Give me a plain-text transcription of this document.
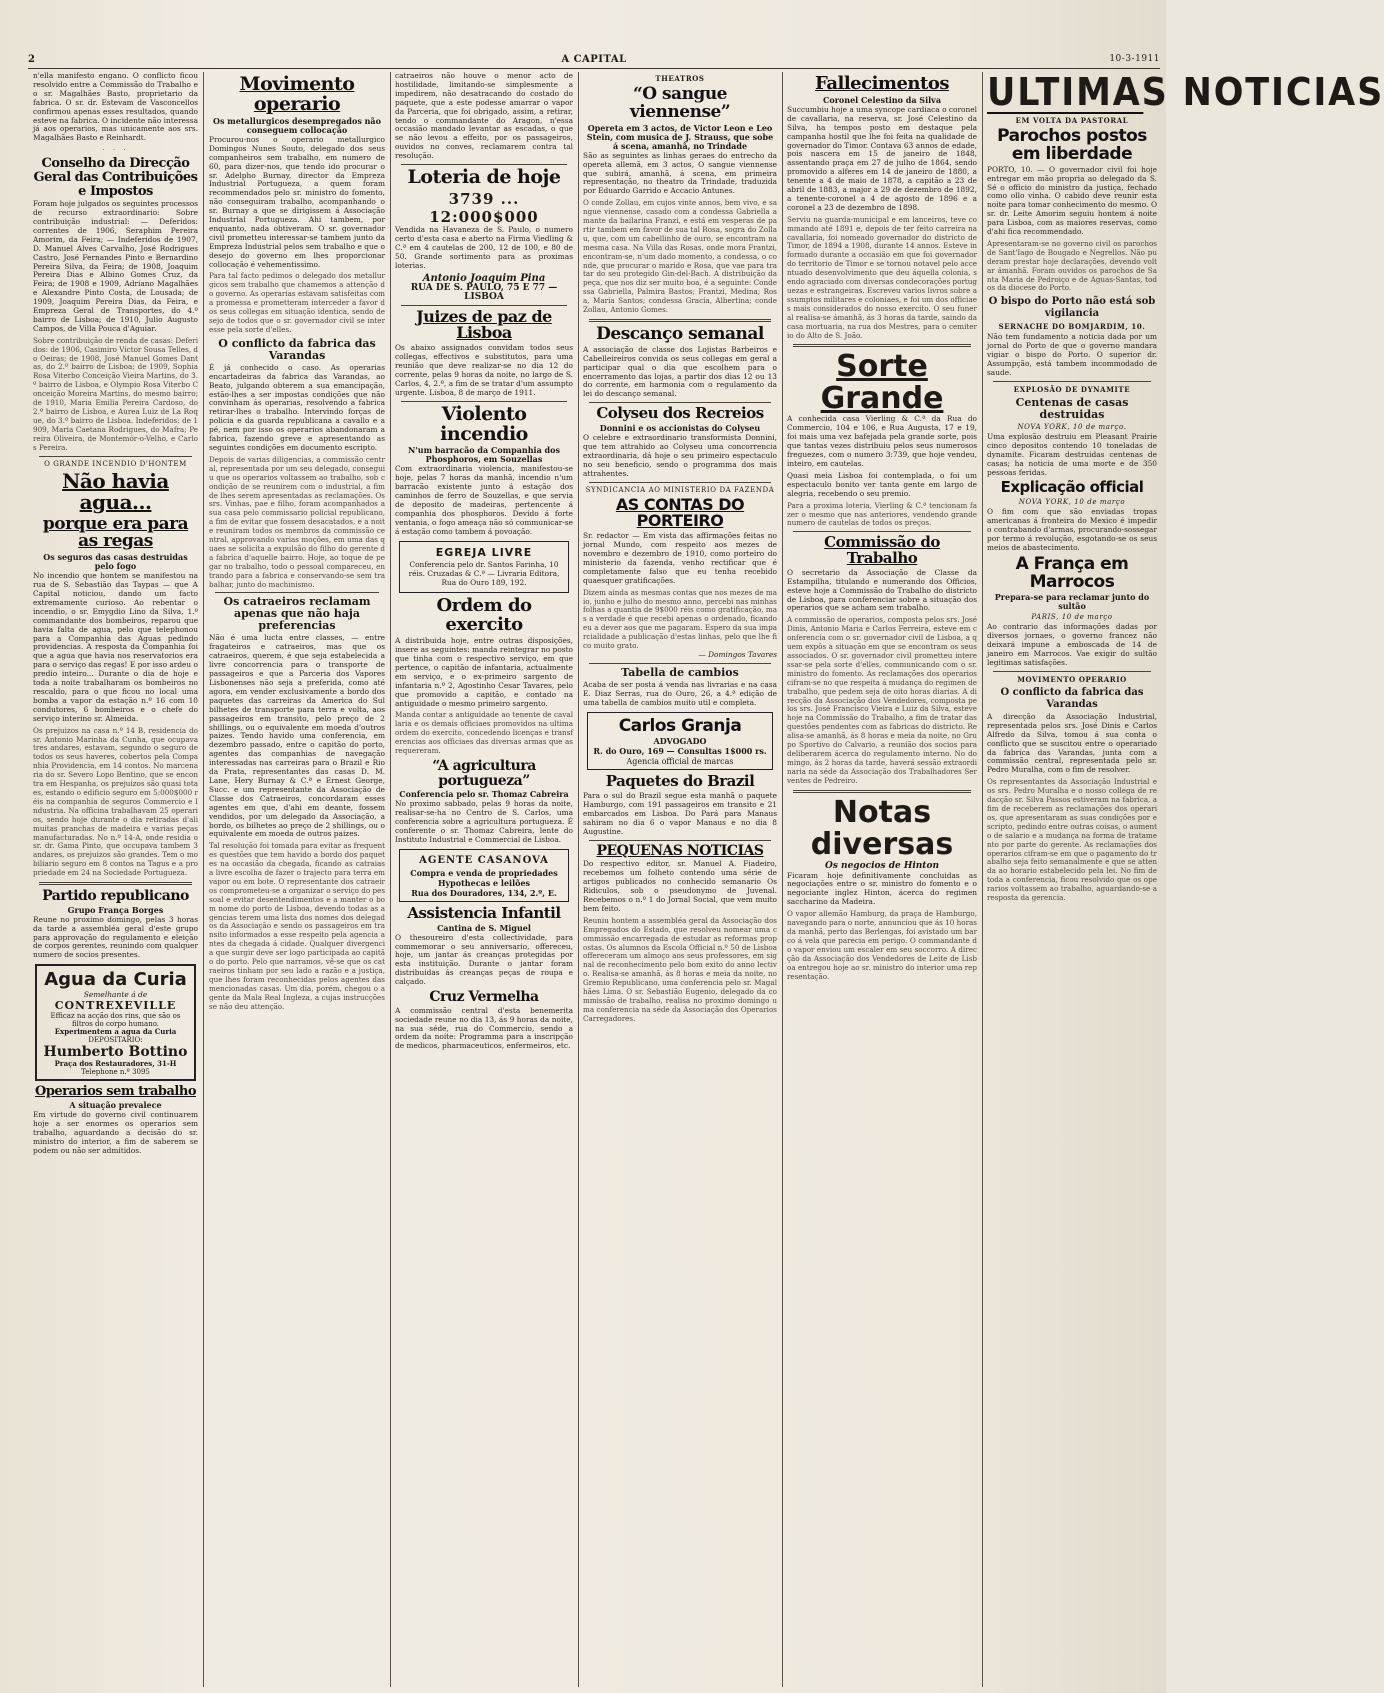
2	A CAPITAL	10-3-1911

n'ella manifesto engano. O conflicto ficou resolvido entre a Commissão do Trabalho e o sr. Magalhães Basto, proprietario da fabrica. O sr. dr. Estevam de Vasconcellos confirmou apenas esses resultados, quando esteve na fabrica. O incidente não interessa já aos operarios, mas unicamente aos srs. Magalhães Basto e Reinhardt.

· · ·
Conselho da Direcção Geral das Contribuições e Impostos

Foram hoje julgados os seguintes processos de recurso extraordinario: Sobre contribuição industrial: — Deferidos: correntes de 1906, Seraphim Pereira Amorim, da Feira; — Indeferidos de 1907, D. Manuel Alves Carvalho, José Rodrigues Castro, José Fernandes Pinto e Bernardino Pereira Silva, da Feira; de 1908, Joaquim Pereira Dias e Albino Gomes Cruz, da Feira; de 1908 e 1909, Adriano Magalhães e Alexandre Pinto Costa, de Lousada; de 1909, Joaquim Pereira Dias, da Feira, e Empreza Geral de Transportes, do 4.º bairro de Lisboa; de 1910, Julio Augusto Campos, de Villa Pouca d'Aguiar.

Sobre contribuição de renda de casas: Deferidos: de 1906, Casimiro Victor Sousa Telles, do Oeiras; de 1908, José Manuel Gomes Dantas, do 2.º bairro de Lisboa; de 1909, Sophia Rosa Viterbo Conceição Vieira Martins, do 3.º bairro de Lisboa, e Olympio Rosa Viterbo Conceição Moreira Martins, do mesmo bairro; de 1910, Maria Emilia Pereira Cardoso, do 2.º bairro de Lisboa, e Aurea Luiz de La Roque, do 3.º bairro de Lisboa. Indeferidos: de 1909, Maria Caetana Rodrigues, do Mafra; Pereira Oliveira, de Montemór-o-Velho, e Carlos Pereira.
O GRANDE INCENDIO D'HONTEM
Não havia agua...
porque era para as regas
Os seguros das casas destruidas pelo fogo

No incendio que hontem se manifestou na rua de S. Sebastião das Taypas — que A Capital noticiou, dando um facto extremamente curioso. Ao rebentar o incendio, o sr. Emygdio Lino da Silva, 1.º commandante dos bombeiros, reparou que havia falta de agua, pelo que telephonou para a Companhia das Aguas pedindo providencias. A resposta da Companhia foi que a agua que havia nos reservatorios era para o serviço das regas! E por isso ardeu o predio inteiro... Durante o dia de hoje e toda a noite trabalharam os bombeiros no rescaldo, para o que ficou no local uma bomba a vapor da estação n.º 16 com 10 condutores, 6 bombeiros e o chefe do serviço interino sr. Almeida.

Os prejuizos na casa n.º 14 B, residencia do sr. Antonio Marinha da Cunha, que ocupava tres andares, estavam, segundo o seguro de todos os seus haveres, cobertos pela Companhia Providencia, em 14 contos. No marcenaria do sr. Severo Lopo Bentino, que se encontra em Hespanha, os prejuizos são quasi totaes, estando o edificio seguro em 5:000$000 réis na companhia de seguros Commercio e Industria. Na officina trabalhavam 25 operarios, sendo hoje durante o dia retiradas d'ali muitas pranchas de madeira e varias peças manufacturadas. No n.º 14-A, onde residia o sr. dr. Gama Pinto, que occupava tambem 3 andares, os prejuizos são grandes. Tem o mobiliario seguro em 8 contos na Tagus e a propriedade em 24 na Sociedade Portugueza.
Partido republicano
Grupo França Borges

Reune no proximo domingo, pelas 3 horas da tarde a assembléa geral d'este grupo para approvação do regulamento e eleição de corpos gerentes, reunindo com qualquer numero de socios presentes.

Agua da Curia
Semelhante á de
CONTREXEVILLE
Efficaz na acção dos rins, que são os filtros do corpo humano.
Experimentem a agua da Curia
DEPOSITARIO:
Humberto Bottino
Praça dos Restauradores, 31-H
Telephone n.º 3095
Operarios sem trabalho
A situação prevalece

Em virtude do governo civil continuarem hoje a ser enormes os operarios sem trabalho, aguardando a decisão do sr. ministro do interior, a fim de saberem se podem ou não ser admitidos.

Movimento operario
Os metallurgicos desempregados não conseguem collocação

Procurou-nos o operario metallurgico Domingos Nunes Souto, delegado dos seus companheiros sem trabalho, em numero de 60, para dizer-nos, que tendo ido procurar o sr. Adelpho Burnay, director da Empreza Industrial Portugueza, a quem foram recommendados pelo sr. ministro do fomento, não conseguiram trabalho, acompanhando o sr. Burnay a que se dirigissem á Associação Industrial Portugueza. Ahi tambem, por enquanto, nada obtiveram. O sr. governador civil prometteu interessar-se tambem junto da Empreza Industrial pelos sem trabalho e que o desejo do governo em lhes proporcionar collocação é vehementissimo.

Para tal facto pedimos o delegado dos metallurgicos sem trabalho que chamemos a attenção do governo. As operarias estavam satisfeitas com a promessa e prometteram interceder a favor dos seus collegas em situação identica, sendo desejo de todos que o sr. governador civil se interesse pela sorte d'elles.
O conflicto da fabrica das Varandas

É já conhecido o caso. As operarias encartadeiras da fabrica das Varandas, ao Beato, julgando obterem a sua emancipação, estão-lhes a ser impostas condições que não convinham ás operarias, resolvendo a fabrica retirar-lhes o trabalho. Intervindo forças de policia e da guarda republicana a cavallo e a pé, nem por isso os operarios abandonaram a fabrica, fazendo greve e apresentando as seguintes condições em documento escripto.

Depois de varias diligencias, a commissão central, representada por um seu delegado, conseguiu que os operarios voltassem ao trabalho, sob condição de se reunirem com o industrial, a fim de lhes serem apresentadas as reclamações. Os srs. Vinhas, pae e filho, foram acompanhados a sua casa pelo commissario policial republicano, a fim de evitar que fossem desacatados, e a noite reuniram todos os membros da commissão central, approvando varias moções, em uma das quaes se solicita a expulsão do filho do gerente da fabrica d'aquelle bairro. Hoje, ao toque de pegar no trabalho, todo o pessoal compareceu, entrando para a fabrica e conservando-se sem trabalhar, junto do machinismo.
Os catraeiros reclamam apenas que não haja preferencias

Não é uma lucta entre classes, — entre fragateiros e catraeiros, mas que os catraeiros, querem, é que seja estabelecida a livre concorrencia para o transporte de passageiros e que a Parceria dos Vapores Lisbonenses não seja a preferida, como até agora, em vender exclusivamente a bordo dos paquetes das carreiras da America do Sul bilhetes de transporte para terra e volta, aos passageiros em transito, pelo preço de 2 shillings, ou o equivalente em moeda d'outros paizes. Tendo havido uma conferencia, em dezembro passado, entre o capitão do porto, agentes das companhias de navegação interessadas nas carreiras para o Brazil e Rio da Prata, representantes das casas D. M. Lane, Hery Burnay & C.ª e Ernest George, Succ. e um representante da Associação de Classe dos Catraeiros, concordaram esses agentes em que, d'ahi em deante, fossem vendidos, por um delegado da Associação, a bordo, os bilhetes ao preço de 2 shillings, ou o equivalente em moeda de outros paizes.

Tal resolução foi tomada para evitar as frequentes questões que tem havido a bordo dos paquetes na occasião da chegada, ficando as catraias a livre escolha de fazer o trajecto para terra em vapor ou em bote. O representante dos catraeiros comprometeu-se a organizar o serviço do pessoal e evitar desentendimentos e a manter o bom nome do porto de Lisboa, devendo todas as agencias terem uma lista dos nomes dos delegados da Associação e sendo os passageiros em transito informados a esse respeito pela agencia antes da chegada á cidade. Qualquer divergencia que surgir deve ser logo participada ao capitão do porto. Pelo que narramos, vê-se que os catraeiros tinham por seu lado a razão e a justiça, que lhes foram reconhecidas pelos agentes das mencionadas casas. Um dia, porém, chegou o agente da Mala Real Ingleza, a cujas instrucções se não deu attenção.

catraeiros não houve o menor acto de hostilidade, limitando-se simplesmente a impedirem, não desatracando do costado do paquete, que a este podesse amarrar o vapor da Parceria, que foi obrigado, assim, a retirar, tendo o commandante do Aragon, n'essa occasião mandado levantar as escadas, o que se não levou a effeito, por os passageiros, ouvidos no conves, reclamarem contra tal resolução.

Loteria de hoje
3739 ... 12:000$000

Vendida na Havaneza de S. Paulo, o numero certo d'esta casa e aberto na Firma Viedling & C.ª em 4 cautelas de 200, 12 de 100, e 80 de 50. Grande sortimento para as proximas loterias.

Antonio Joaquim Pina
RUA DE S. PAULO, 75 E 77 — LISBOA
Juizes de paz de Lisboa

Os abaixo assignados convidam todos seus collegas, effectivos e substitutos, para uma reunião que deve realizar-se no dia 12 do corrente, pelas 9 horas da noite, no largo de S. Carlos, 4, 2.º, a fim de se tratar d'um assumpto urgente. Lisboa, 8 de março de 1911.

Violento incendio
N'um barracão da Companhia dos Phosphoros, em Souzellas

Com extraordinaria violencia, manifestou-se hoje, pelas 7 horas da manhã, incendio n'um barracão existente junto á estação dos caminhos de ferro de Souzellas, e que servia de deposito de madeiras, pertencente á companhia dos phosphoros. Devido á forte ventania, o fogo ameaça não só communicar-se á estação como tambem á povoação.

EGREJA LIVRE
Conferencia pelo dr. Santos Farinha, 10 réis. Cruzadas & C.ª — Livraria Editora, Rua do Ouro 189, 192.
Ordem do exercito

A distribuida hoje, entre outras disposições, insere as seguintes: manda reintegrar no posto que tinha com o respectivo serviço, em que pertence, o capitão de infantaria, actualmente em serviço, e o ex-primeiro sargento de infantaria n.º 2, Agostinho Cesar Tavares, pelo que promovido a capitão, e contado na antiguidade o mesmo primeiro sargento.

Manda contar a antiguidade ao tenente de cavallaria e os demais officiaes promovidos na ultima ordem do exercito, concedendo licenças e transferencias aos officiaes das diversas armas que as requereram.
“A agricultura portugueza”
Conferencia pelo sr. Thomaz Cabreira

No proximo sabbado, pelas 9 horas da noite, realisar-se-ha no Centro de S. Carlos, uma conferencia sobre a agricultura portugueza. É conferente o sr. Thomaz Cabreira, lente do Instituto Industrial e Commercial de Lisboa.

AGENTE CASANOVA
Compra e venda de propriedades
Hypothecas e leilões
Rua dos Douradores, 134, 2.º, E.
Assistencia Infantil
Cantina de S. Miguel

O thesoureiro d'esta collectividade, para commemorar o seu anniversario, offereceu, hoje, um jantar ás creanças protegidas por esta instituição. Durante o jantar foram distribuidas ás creanças peças de roupa e calçado.

Cruz Vermelha

A commissão central d'esta benemerita sociedade reune no dia 13, ás 9 horas da noite, na sua séde, rua do Commercio, sendo a ordem da noite: Programma para a inscripção de medicos, pharmaceuticos, enfermeiros, etc.

THEATROS
“O sangue viennense”
Opereta em 3 actos, de Victor Leon e Leo Stein, com musica de J. Strauss, que sobe á scena, amanhã, no Trindade

São as seguintes as linhas geraes do entrecho da opereta allemã, em 3 actos, O sangue viennense que subirá, amanhã, á scena, em primeira representação, no theatro da Trindade, traduzida por Eduardo Garrido e Accacio Antunes.

O conde Zollau, em cujos vinte annos, bem vivo, e sangue viennense, casado com a condessa Gabriella amante da bailarina Franzi, e está em vesperas de partir tambem em favor de sua tal Rosa, sogra do Zollau, que, com um cabellinho de ouro, se encontram na mesma casa. Na Villa das Rosas, onde mora Frantzi, encontram-se, n'um dado momento, a condessa, o conde, que procurar o marido e Rosa, que vae para tratar do seu protegido Gin-del-Bach. A distribuição da peça, que nos diz ser muito boa, é a seguinte: Condessa Gabriella, Palmira Bastos; Frantzi, Medina; Rosa, Maria Santos; condessa Gracia, Albertina; conde Zollau, Antonio Gomes.
Descanço semanal

A associação de classe dos Lojistas Barbeiros e Cabelleireiros convida os seus collegas em geral a participar qual o dia que escolhem para o encerramento das lojas, a partir dos dias 12 ou 13 do corrente, em harmonia com o regulamento da lei do descanço semanal.

Colyseu dos Recreios
Donnini e os accionistas do Colyseu

O celebre e extraordinario transformista Donnini, que tem attrahido ao Colyseu uma concorrencia extraordinaria, dá hoje o seu primeiro espectaculo no seu beneficio, sendo o programma dos mais attrahentes.

SYNDICANCIA AO MINISTERIO DA FAZENDA
AS CONTAS DO PORTEIRO

Sr. redactor — Em vista das affirmações feitas no jornal Mundo, com respeito aos mezes de novembro e dezembro de 1910, como porteiro do ministerio da fazenda, venho rectificar que é completamente falso que eu tenha recebido quaesquer gratificações.

Dizem ainda as mesmas contas que nos mezes de maio, junho e julho do mesmo anno, percebi nas minhas folhas a quantia de 9$000 réis como gratificação, mas a verdade é que recebi apenas o ordenado, ficando eu a dever aos que me pagaram. Espero da sua imparcialidade a publicação d'estas linhas, pelo que lhe fico muito grato.
— Domingos Tavares
Tabella de cambios

Acaba de ser posta á venda nas livrarias e na casa E. Diaz Serras, rua do Ouro, 26, a 4.ª edição de uma tabella de cambios muito util e completa.

Carlos Granja
ADVOGADO
R. do Ouro, 169 — Consultas 1$000 rs.
Agencia official de marcas
Paquetes do Brazil

Para o sul do Brazil segue esta manhã o paquete Hamburgo, com 191 passageiros em transito e 21 embarcados em Lisboa. Do Pará para Manaus sahiram no dia 6 o vapor Manaus e no dia 8 Augustine.

PEQUENAS NOTICIAS

Do respectivo editor, sr. Manuel A. Fiadeiro, recebemos um folheto contendo uma série de artigos publicados no conhecido semanario Os Ridiculos, sob o pseudonymo de Juvenal. Recebemos o n.º 1 do Jornal Social, que vem muito bem feito.

Reuniu hontem a assembléa geral da Associação dos Empregados do Estado, que resolveu nomear uma commissão encarregada de estudar as reformas propostas. Os alumnos da Escola Official n.º 50 de Lisboa offereceram um almoço aos seus professores, em signal de reconhecimento pelo bom exito do anno lectivo. Realisa-se amanhã, ás 8 horas e meia da noite, no Gremio Republicano, uma conferencia pelo sr. Magalhães Lima. O sr. Sebastião Eugenio, delegado da commissão de trabalho, realisa no proximo domingo uma conferencia na séde da Associação dos Operarios Carregadores.
Fallecimentos
Coronel Celestino da Silva

Succumbiu hoje a uma syncope cardiaca o coronel de cavallaria, na reserva, sr. José Celestino da Silva, ha tempos posto em destaque pela campanha hostil que lhe foi feita na qualidade de governador do Timor. Contava 63 annos de edade, pois nascera em 15 de janeiro de 1848, assentando praça em 27 de julho de 1864, sendo promovido a alferes em 14 de janeiro de 1880, a tenente a 4 de maio de 1878, a capitão a 23 de abril de 1883, a major a 29 de dezembro de 1892, a tenente-coronel a 4 de agosto de 1896 e a coronel a 23 de dezembro de 1898.

Serviu na guarda-municipal e em lanceiros, teve commando até 1891 e, depois de ter feito carreira na cavallaria, foi nomeado governador do districto de Timor, de 1894 a 1908, durante 14 annos. Esteve informado durante a occasião em que foi governador do territorio de Timor e se tornou notavel pelo accentuado desenvolvimento que deu áquella colonia, sendo agraciado com diversas condecorações portuguezas e estrangeiras. Escreveu varios livros sobre assumptos militares e coloniaes, e foi um dos officiaes mais considerados do nosso exercito. O seu funeral realisa-se ámanhã, ás 3 horas da tarde, saindo da casa mortuaria, na rua dos Mestres, para o cemiterio do Alto de S. João.
Sorte Grande

A conhecida casa Vierling & C.ª da Rua do Commercio, 104 e 106, e Rua Augusta, 17 e 19, foi mais uma vez bafejada pela grande sorte, pois que tantas vezes distribuiu pelos seus numerosos freguezes, com o numero 3:739, que hoje vendeu, inteiro, em cautelas.

Quasi meia Lisboa foi contemplada, o foi um espectaculo bonito ver tanta gente em largo de alegria, recebendo o seu premio.

Para a proxima loteria, Vierling & C.ª tencionam fazer o mesmo que nas anteriores, vendendo grande numero de cautelas de todos os preços.
Commissão do Trabalho

O secretario da Associação de Classe da Estampilha, titulando e numerando dos Officios, esteve hoje a Commissão do Trabalho do districto de Lisboa, para conferenciar sobre a situação dos operarios que se acham sem trabalho.

A commissão de operarios, composta pelos srs. José Dinis, Antonio Maria e Carlos Ferreira, esteve em conferencia com o sr. governador civil de Lisboa, a quem expôs a situação em que se encontram os seus associados. O sr. governador civil prometteu interessar-se pela sorte d'elles, communicando com o sr. ministro do fomento. As reclamações dos operarios cifram-se no que respeita á mudança do regimen de trabalho, que pedem seja de oito horas diarias. A direcção da Associação dos Vendedores, composta pelos srs. José Francisco Vieira e Luiz da Silva, esteve hoje na Commissão do Trabalho, a fim de tratar das questões pendentes com as fabricas do districto. Realisa-se amanhã, ás 8 horas e meia da noite, no Grupo Sportivo do Calvario, a reunião dos socios para deliberarem ácerca do regulamento interno. No domingo, ás 2 horas da tarde, haverá sessão extraordinaria na séde da Associação dos Trabalhadores Serventes de Pedreiro.
Notas diversas
Os negocios de Hinton

Ficaram hoje definitivamente concluidas as negociações entre o sr. ministro do fomento e o negociante inglez Hinton, ácerca do regimen saccharino da Madeira.

O vapor allemão Hamburg, da praça de Hamburgo, navegando para o norte, annunciou que ás 10 horas da manhã, perto das Berlengas, foi avistado um barco á vela que parecia em perigo. O commandante do vapor enviou um escaler em seu soccorro. A direcção da Associação dos Vendedores de Leite de Lisboa entregou hoje ao sr. ministro do interior uma representação.
ULTIMAS NOTICIAS
EM VOLTA DA PASTORAL
Parochos postos em liberdade

PORTO, 10. — O governador civil foi hoje entregar em mão propria ao delegado da S. Sé o officio do ministro da justiça, fechado como ollo vinha. O cabido deve reunir esta noite para tomar conhecimento do mesmo. O sr. dr. Leite Amorim seguiu hontem á noite para Lisboa, com as maiores reservas, como d'ahi fica recommendado.

Apresentaram-se no governo civil os parochos de Sant'Iago de Bougado e Negrellos. Não puderam prestar hoje declarações, devendo voltar ámanhã. Foram ouvidos os parochos de Santa Maria de Pedroiço e de Aguas-Santas, todos da diocese do Porto.
O bispo do Porto não está sob vigilancia
SERNACHE DO BOMJARDIM, 10.

Não tem fundamento a noticia dada por um jornal do Porto de que o governo mandara vigiar o bispo do Porto. O superior dr. Assumpção, está tambem incommodado de saude.

EXPLOSÃO DE DYNAMITE
Centenas de casas destruidas
NOVA YORK, 10 de março.

Uma explosão destruiu em Pleasant Prairie cinco depositos contendo 10 toneladas de dynamite. Ficaram destruidas centenas de casas; ha noticia de uma morte e de 350 pessoas feridas.

Explicação official
NOVA YORK, 10 de março

O fim com que são enviadas tropas americanas á fronteira do Mexico é impedir o contrabando d'armas, procurando-sossegar por termo á revolução, esgotando-se os seus meios de abastecimento.

A França em Marrocos
Prepara-se para reclamar junto do sultão
PARIS, 10 de março

Ao contrario das informações dadas por diversos jornaes, o governo francez não deixará impune a emboscada de 14 de janeiro em Marrocos. Vae exigir do sultão legitimas satisfações.

MOVIMENTO OPERARIO
O conflicto da fabrica das Varandas

A direcção da Associação Industrial, representada pelos srs. José Dinis e Carlos Alfredo da Silva, tomou á sua conta o conflicto que se suscitou entre o operariado da fabrica das Varandas, junta com a commissão central, representada pelo sr. Pedro Muralha, com o fim de resolver.

Os representantes da Associação Industrial e os srs. Pedro Muralha e o nosso collega de redacção sr. Silva Passos estiveram na fabrica, a fim de receberem as reclamações dos operarios, que apresentaram as suas condições por escripto, pedindo entre outras coisas, o aumento de salario e a mudança na forma de tratamento por parte do gerente. As reclamações dos operarios cifram-se em que o pagamento do trabalho seja feito semanalmente e que se attenda ao horario estabelecido pela lei. No fim de toda a conferencia, ficou resolvido que os operarios voltassem ao trabalho, aguardando-se a resposta da gerencia.
